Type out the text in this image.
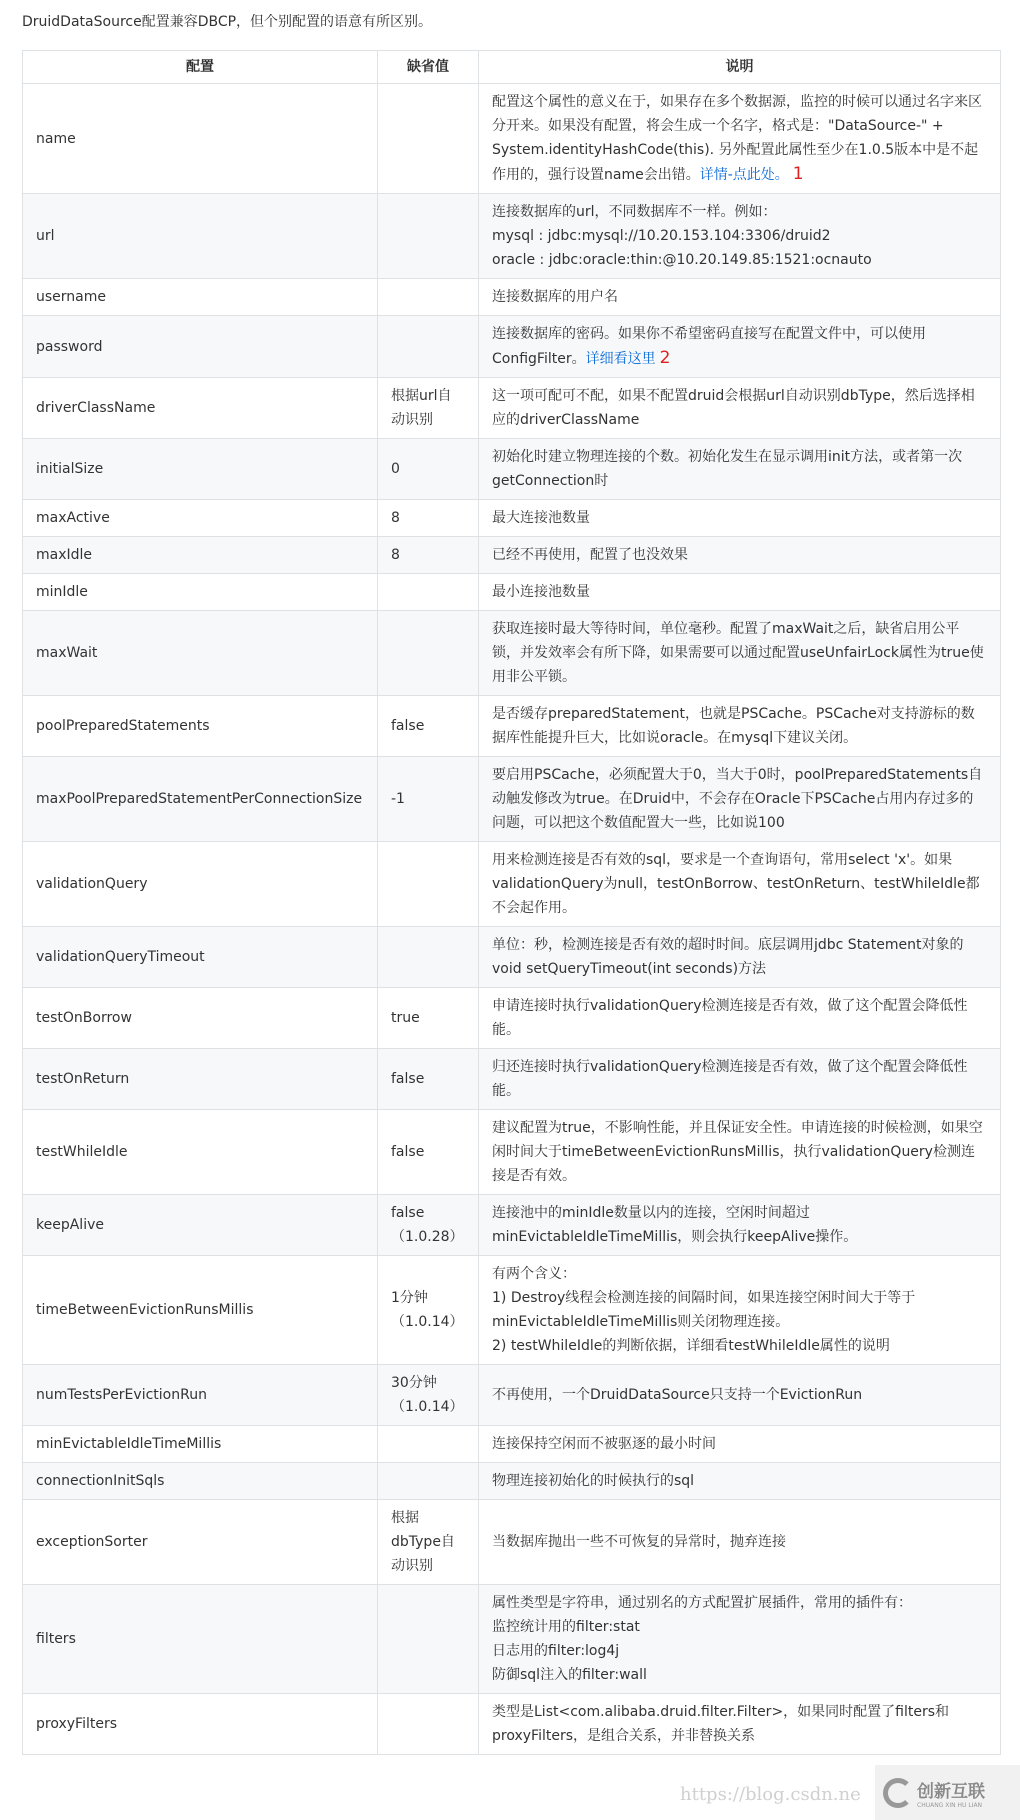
DruidDataSource配置兼容DBCP，但个别配置的语意有所区别。
配置	缺省值	说明
name		配置这个属性的意义在于，如果存在多个数据源，监控的时候可以通过名字来区分开来。如果没有配置，将会生成一个名字，格式是："DataSource-" + System.identityHashCode(this). 另外配置此属性至少在1.0.5版本中是不起作用的，强行设置name会出错。详情-点此处。 1
url		连接数据库的url，不同数据库不一样。例如：
mysql : jdbc:mysql://10.20.153.104:3306/druid2
oracle : jdbc:oracle:thin:@10.20.149.85:1521:ocnauto
username		连接数据库的用户名
password		连接数据库的密码。如果你不希望密码直接写在配置文件中，可以使用ConfigFilter。详细看这里 2
driverClassName	根据url自动识别	这一项可配可不配，如果不配置druid会根据url自动识别dbType，然后选择相应的driverClassName
initialSize	0	初始化时建立物理连接的个数。初始化发生在显示调用init方法，或者第一次getConnection时
maxActive	8	最大连接池数量
maxIdle	8	已经不再使用，配置了也没效果
minIdle		最小连接池数量
maxWait		获取连接时最大等待时间，单位毫秒。配置了maxWait之后，缺省启用公平锁，并发效率会有所下降，如果需要可以通过配置useUnfairLock属性为true使用非公平锁。
poolPreparedStatements	false	是否缓存preparedStatement，也就是PSCache。PSCache对支持游标的数据库性能提升巨大，比如说oracle。在mysql下建议关闭。
maxPoolPreparedStatementPerConnectionSize	-1	要启用PSCache，必须配置大于0，当大于0时，poolPreparedStatements自动触发修改为true。在Druid中，不会存在Oracle下PSCache占用内存过多的问题，可以把这个数值配置大一些，比如说100
validationQuery		用来检测连接是否有效的sql，要求是一个查询语句，常用select 'x'。如果validationQuery为null，testOnBorrow、testOnReturn、testWhileIdle都不会起作用。
validationQueryTimeout		单位：秒，检测连接是否有效的超时时间。底层调用jdbc Statement对象的void setQueryTimeout(int seconds)方法
testOnBorrow	true	申请连接时执行validationQuery检测连接是否有效，做了这个配置会降低性能。
testOnReturn	false	归还连接时执行validationQuery检测连接是否有效，做了这个配置会降低性能。
testWhileIdle	false	建议配置为true，不影响性能，并且保证安全性。申请连接的时候检测，如果空闲时间大于timeBetweenEvictionRunsMillis，执行validationQuery检测连接是否有效。
keepAlive	false （1.0.28）	连接池中的minIdle数量以内的连接，空闲时间超过minEvictableIdleTimeMillis，则会执行keepAlive操作。
timeBetweenEvictionRunsMillis	1分钟 （1.0.14）	有两个含义：
1) Destroy线程会检测连接的间隔时间，如果连接空闲时间大于等于minEvictableIdleTimeMillis则关闭物理连接。
2) testWhileIdle的判断依据，详细看testWhileIdle属性的说明
numTestsPerEvictionRun	30分钟 （1.0.14）	不再使用，一个DruidDataSource只支持一个EvictionRun
minEvictableIdleTimeMillis		连接保持空闲而不被驱逐的最小时间
connectionInitSqls		物理连接初始化的时候执行的sql
exceptionSorter	根据dbType自动识别	当数据库抛出一些不可恢复的异常时，抛弃连接
filters		属性类型是字符串，通过别名的方式配置扩展插件，常用的插件有：
监控统计用的filter:stat
日志用的filter:log4j
防御sql注入的filter:wall
proxyFilters		类型是List<com.alibaba.druid.filter.Filter>，如果同时配置了filters和proxyFilters，是组合关系，并非替换关系
https://blog.csdn.ne	创新互联
CHUANG XIN HU LIAN
